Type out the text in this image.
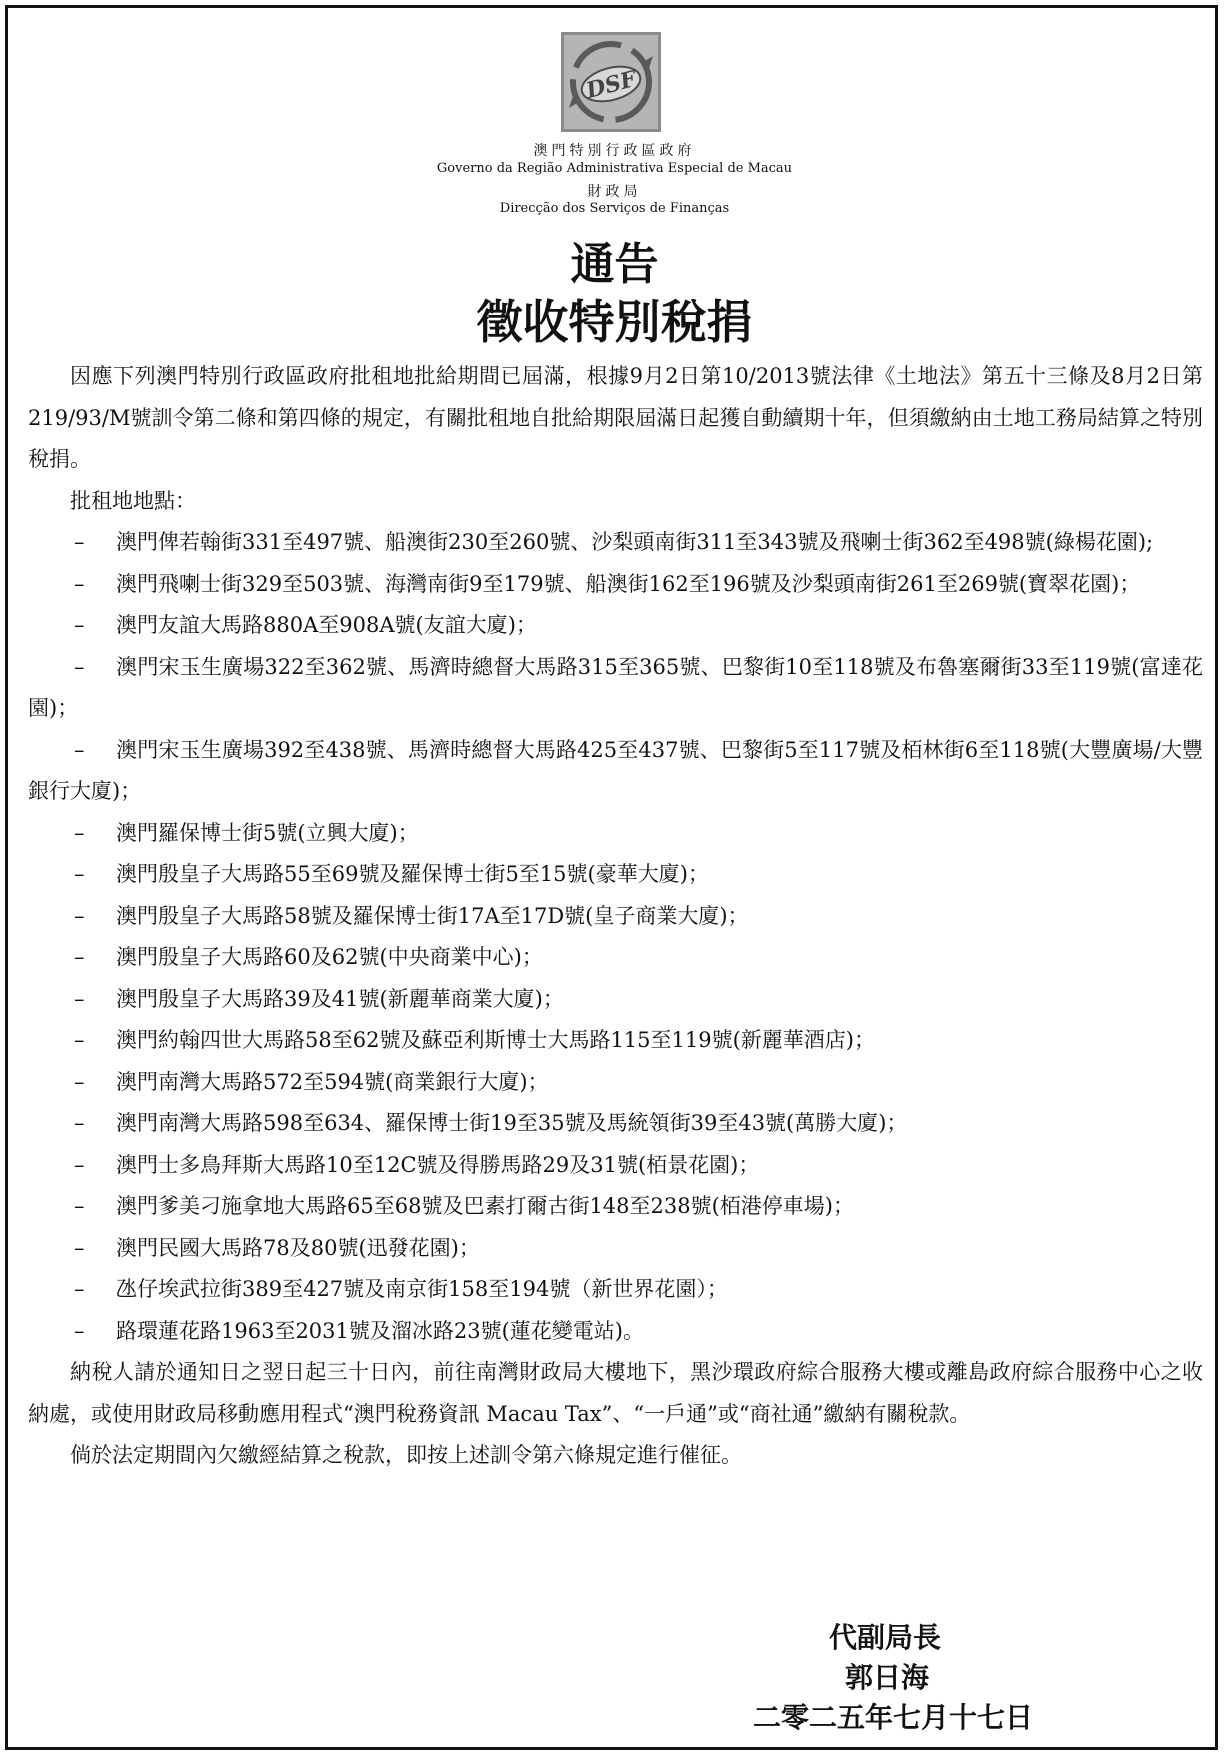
DSF
澳門特別行政區政府
Governo da Região Administrativa Especial de Macau
財政局
Direcção dos Serviços de Finanças
通告
徵收特別稅捐

因應下列澳門特別行政區政府批租地批給期間已屆滿，根據9月2日第10/2013號法律《土地法》第五十三條及8月2日第219/93/M號訓令第二條和第四條的規定，有關批租地自批給期限屆滿日起獲自動續期十年，但須繳納由土地工務局結算之特別稅捐。

批租地地點：

– 澳門俾若翰街331至497號、船澳街230至260號、沙梨頭南街311至343號及飛喇士街362至498號(綠楊花園);

– 澳門飛喇士街329至503號、海灣南街9至179號、船澳街162至196號及沙梨頭南街261至269號(寶翠花園)；

– 澳門友誼大馬路880A至908A號(友誼大廈)；

– 澳門宋玉生廣場322至362號、馬濟時總督大馬路315至365號、巴黎街10至118號及布魯塞爾街33至119號(富達花園)；

– 澳門宋玉生廣場392至438號、馬濟時總督大馬路425至437號、巴黎街5至117號及栢林街6至118號(大豐廣場/大豐銀行大廈)；

– 澳門羅保博士街5號(立興大廈)；

– 澳門殷皇子大馬路55至69號及羅保博士街5至15號(豪華大廈)；

– 澳門殷皇子大馬路58號及羅保博士街17A至17D號(皇子商業大廈)；

– 澳門殷皇子大馬路60及62號(中央商業中心)；

– 澳門殷皇子大馬路39及41號(新麗華商業大廈)；

– 澳門約翰四世大馬路58至62號及蘇亞利斯博士大馬路115至119號(新麗華酒店)；

– 澳門南灣大馬路572至594號(商業銀行大廈)；

– 澳門南灣大馬路598至634、羅保博士街19至35號及馬統領街39至43號(萬勝大廈)；

– 澳門士多鳥拜斯大馬路10至12C號及得勝馬路29及31號(栢景花園)；

– 澳門爹美刁施拿地大馬路65至68號及巴素打爾古街148至238號(栢港停車場)；

– 澳門民國大馬路78及80號(迅發花園)；

– 氹仔埃武拉街389至427號及南京街158至194號（新世界花園）；

– 路環蓮花路1963至2031號及溜冰路23號(蓮花變電站)。

納稅人請於通知日之翌日起三十日內，前往南灣財政局大樓地下，黑沙環政府綜合服務大樓或離島政府綜合服務中心之收納處，或使用財政局移動應用程式“澳門稅務資訊 Macau Tax”、“一戶通”或“商社通”繳納有關稅款。

倘於法定期間內欠繳經結算之稅款，即按上述訓令第六條規定進行催征。

代副局長
郭日海
二零二五年七月十七日
